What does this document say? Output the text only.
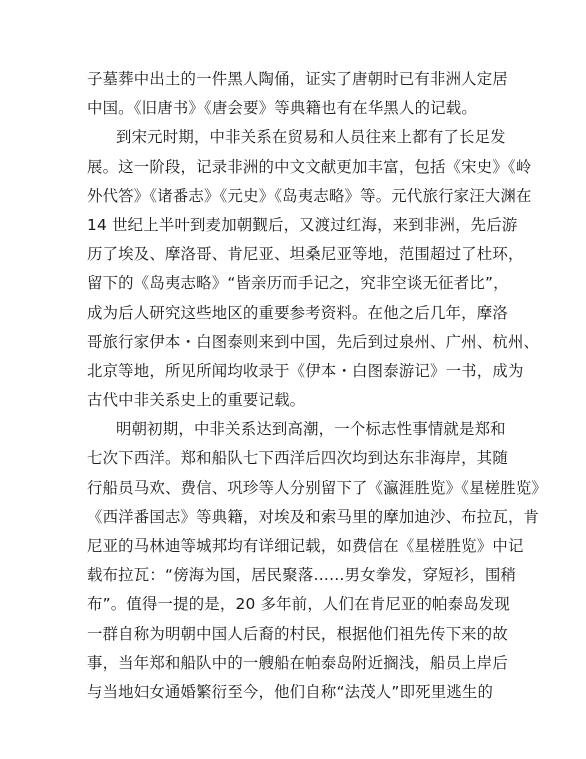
子墓葬中出土的一件黑人陶俑，证实了唐朝时已有非洲人定居
中国。《旧唐书》《唐会要》等典籍也有在华黑人的记载。
到宋元时期，中非关系在贸易和人员往来上都有了长足发
展。这一阶段，记录非洲的中文文献更加丰富，包括《宋史》《岭
外代答》《诸番志》《元史》《岛夷志略》等。元代旅行家汪大渊在
14 世纪上半叶到麦加朝觐后，又渡过红海，来到非洲，先后游
历了埃及、摩洛哥、肯尼亚、坦桑尼亚等地，范围超过了杜环，
留下的《岛夷志略》“皆亲历而手记之，究非空谈无征者比”，
成为后人研究这些地区的重要参考资料。在他之后几年，摩洛
哥旅行家伊本・白图泰则来到中国，先后到过泉州、广州、杭州、
北京等地，所见所闻均收录于《伊本・白图泰游记》一书，成为
古代中非关系史上的重要记载。
明朝初期，中非关系达到高潮，一个标志性事情就是郑和
七次下西洋。郑和船队七下西洋后四次均到达东非海岸，其随
行船员马欢、费信、巩珍等人分别留下了《瀛涯胜览》《星槎胜览》
《西洋番国志》等典籍，对埃及和索马里的摩加迪沙、布拉瓦，肯
尼亚的马林迪等城邦均有详细记载，如费信在《星槎胜览》中记
载布拉瓦：“傍海为国，居民聚落……男女拳发，穿短衫，围稍
布”。值得一提的是，20 多年前，人们在肯尼亚的帕泰岛发现
一群自称为明朝中国人后裔的村民，根据他们祖先传下来的故
事，当年郑和船队中的一艘船在帕泰岛附近搁浅，船员上岸后
与当地妇女通婚繁衍至今，他们自称“法茂人”即死里逃生的
